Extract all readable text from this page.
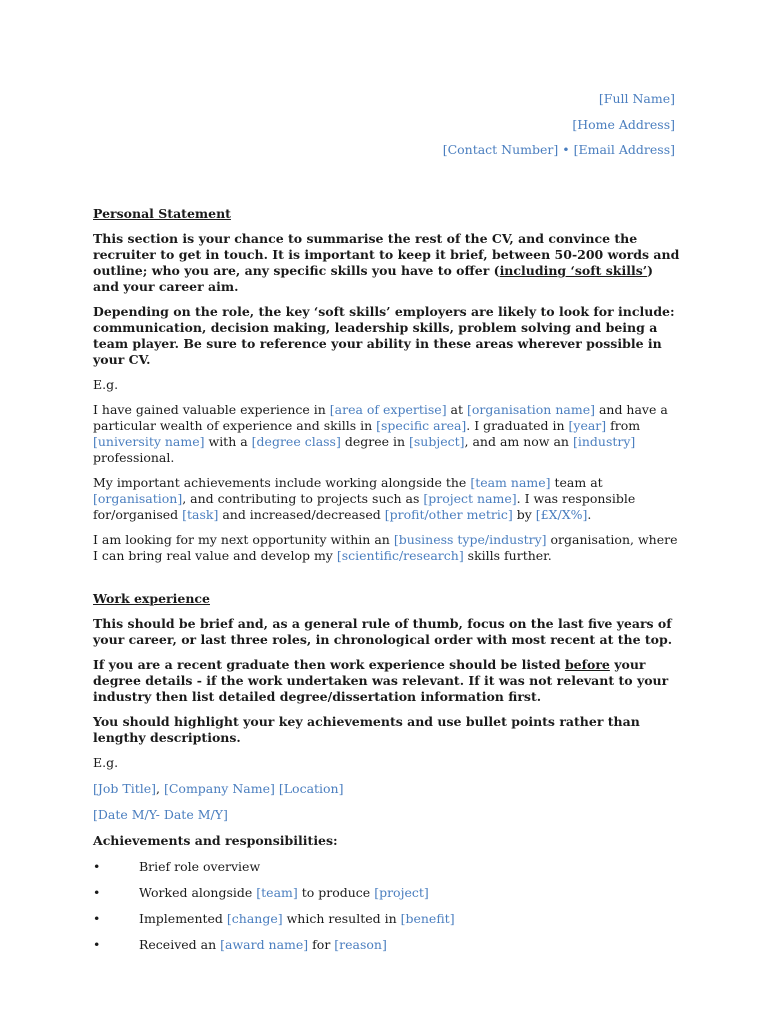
[Full Name]
[Home Address]
[Contact Number] • [Email Address]
Personal Statement
This section is your chance to summarise the rest of the CV, and convince the recruiter to get in touch. It is important to keep it brief, between 50-200 words and outline; who you are, any specific skills you have to offer (including ‘soft skills’) and your career aim.
Depending on the role, the key ‘soft skills’ employers are likely to look for include: communication, decision making, leadership skills, problem solving and being a team player. Be sure to reference your ability in these areas wherever possible in your CV.
E.g.
I have gained valuable experience in [area of expertise] at [organisation name] and have a particular wealth of experience and skills in [specific area]. I graduated in [year] from [university name] with a [degree class] degree in [subject], and am now an [industry] professional.
My important achievements include working alongside the [team name] team at [organisation], and contributing to projects such as [project name]. I was responsible for/organised [task] and increased/decreased [profit/other metric] by [£X/X%].
I am looking for my next opportunity within an [business type/industry] organisation, where I can bring real value and develop my [scientific/research] skills further.
Work experience
This should be brief and, as a general rule of thumb, focus on the last five years of your career, or last three roles, in chronological order with most recent at the top.
If you are a recent graduate then work experience should be listed before your degree details - if the work undertaken was relevant. If it was not relevant to your industry then list detailed degree/dissertation information first.
You should highlight your key achievements and use bullet points rather than lengthy descriptions.
E.g.
[Job Title], [Company Name] [Location]
[Date M/Y- Date M/Y]
Achievements and responsibilities:
•	Brief role overview
•	Worked alongside [team] to produce [project]
•	Implemented [change] which resulted in [benefit]
•	Received an [award name] for [reason]
